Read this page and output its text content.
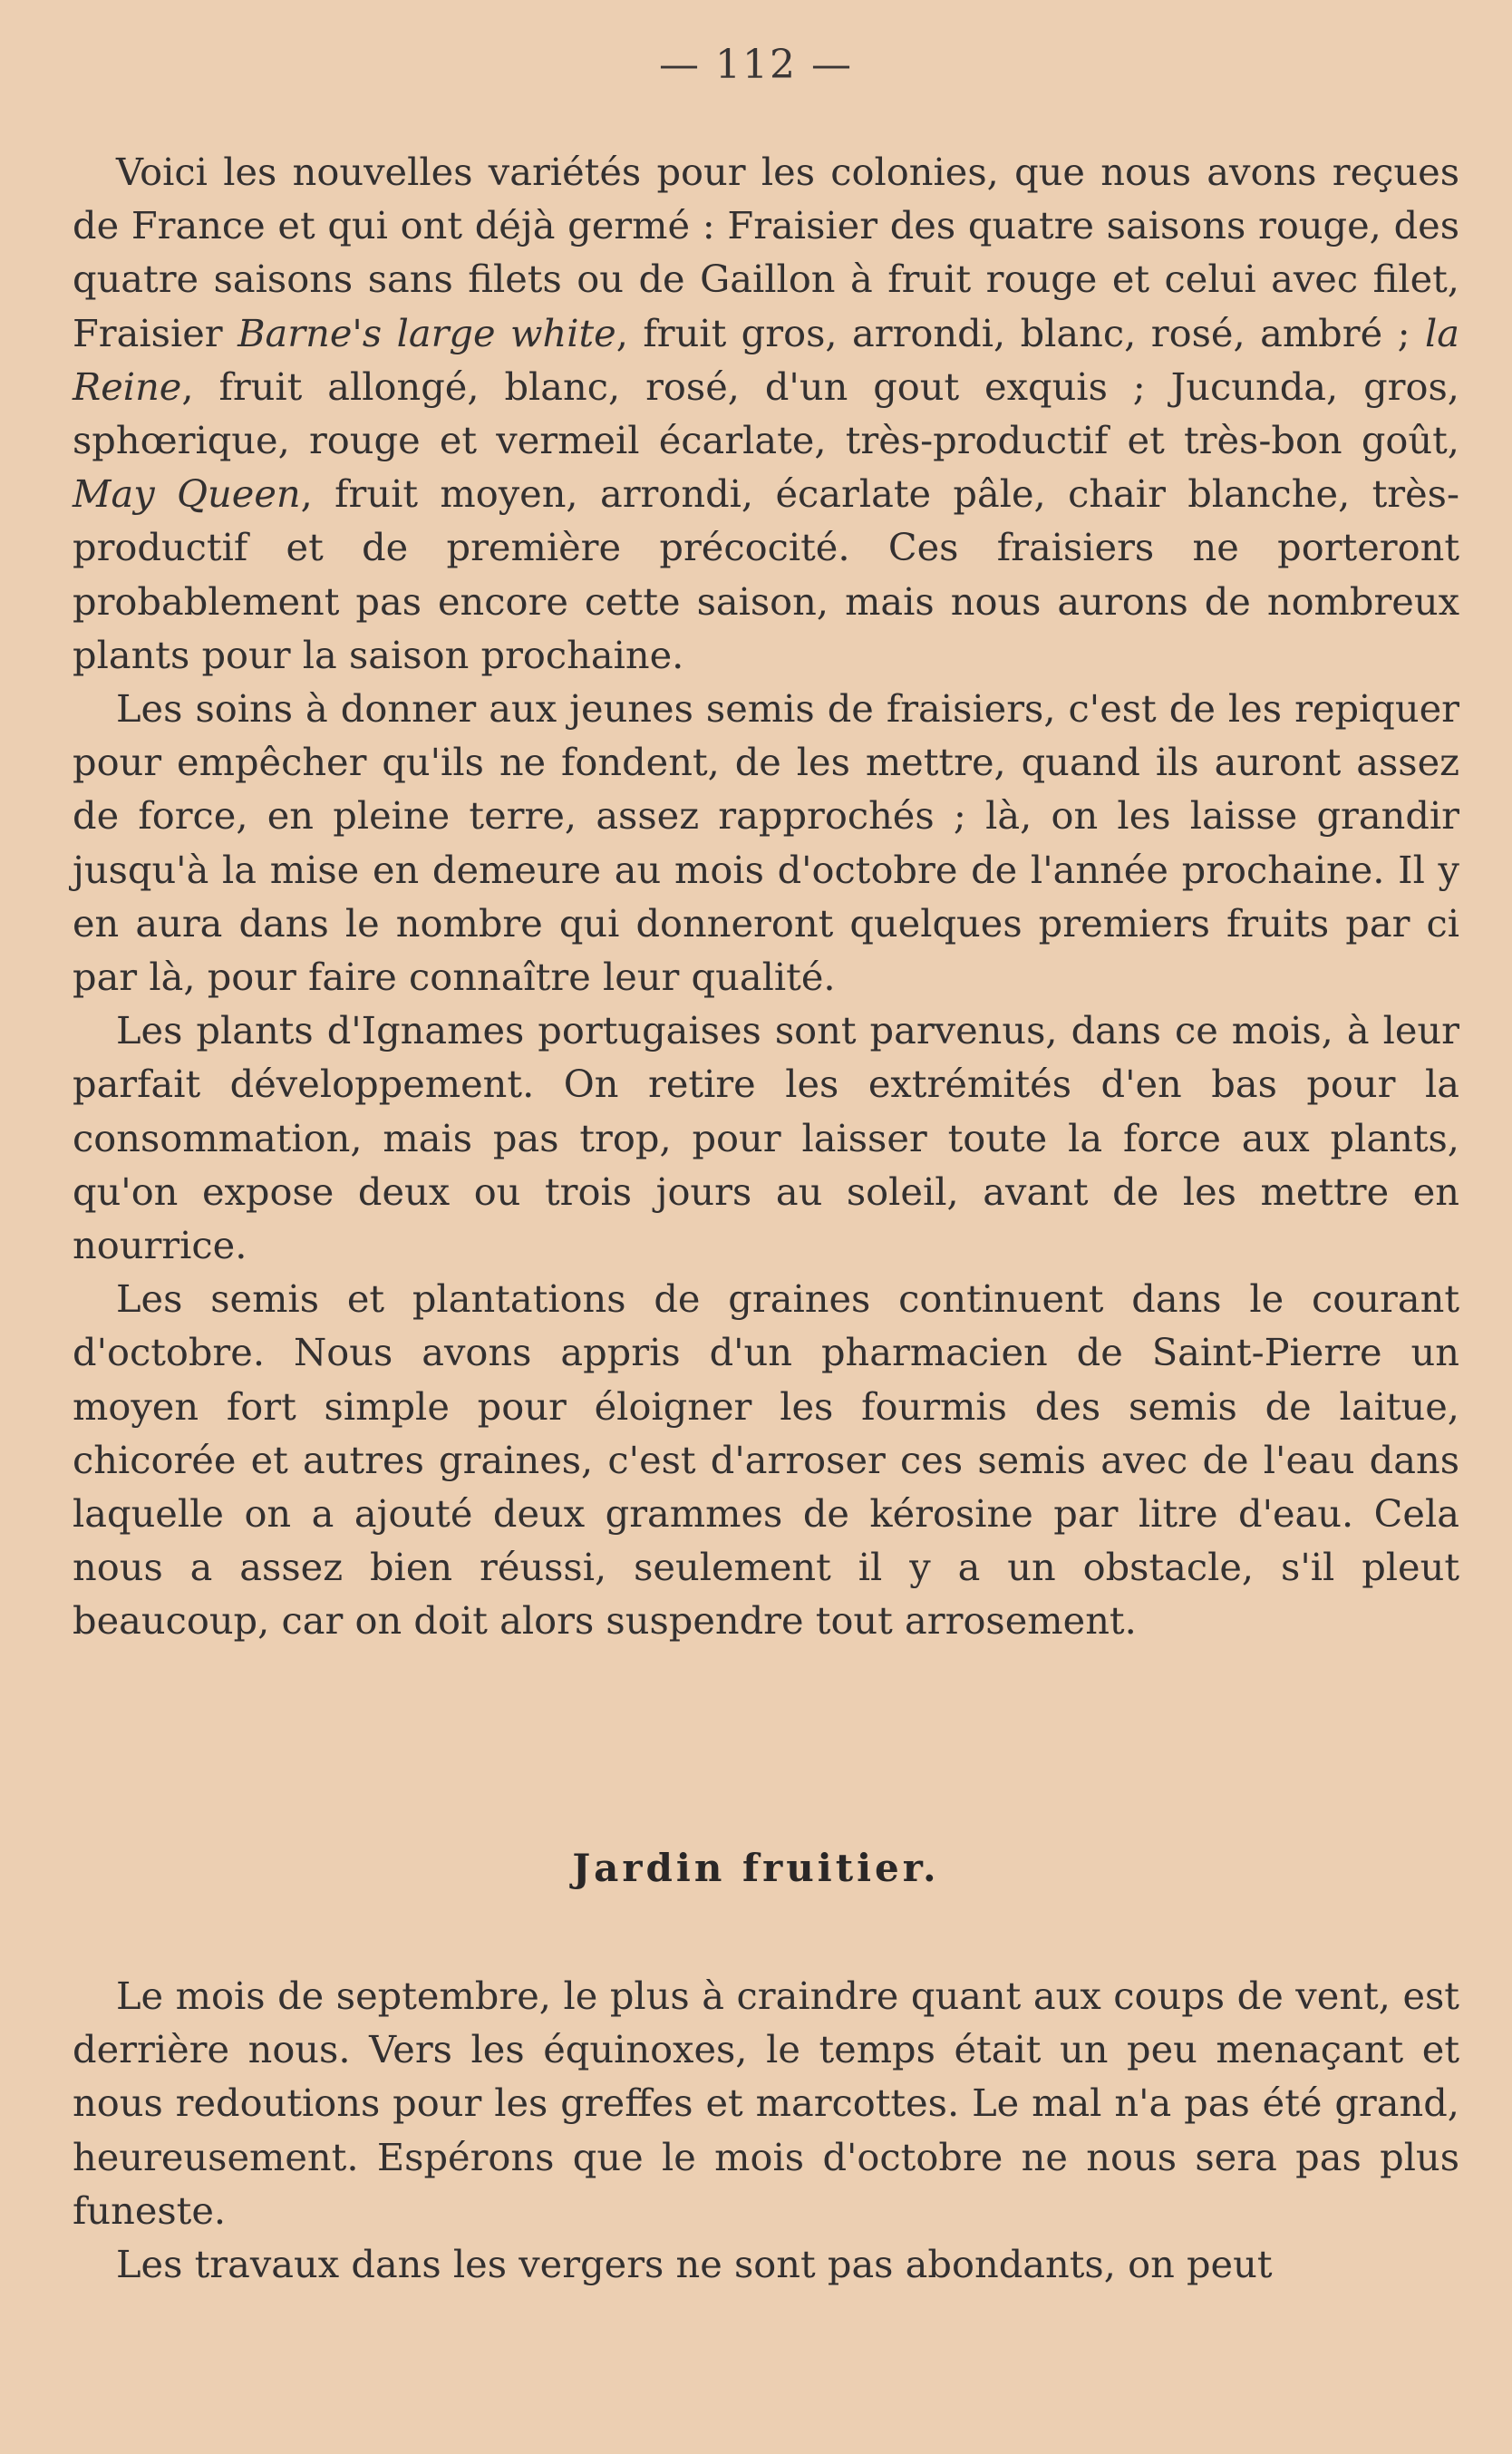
— 112 —

Voici les nouvelles variétés pour les colonies, que nous avons reçues de France et qui ont déjà germé : Fraisier des quatre saisons rouge, des quatre saisons sans filets ou de Gaillon à fruit rouge et celui avec filet, Fraisier Barne's large white, fruit gros, arrondi, blanc, rosé, ambré ; la Reine, fruit allongé, blanc, rosé, d'un gout exquis ; Jucunda, gros, sphœrique, rouge et vermeil écarlate, très-productif et très-bon goût, May Queen, fruit moyen, arrondi, écarlate pâle, chair blanche, très-productif et de première précocité. Ces fraisiers ne porteront probablement pas encore cette saison, mais nous aurons de nombreux plants pour la saison prochaine.

Les soins à donner aux jeunes semis de fraisiers, c'est de les repiquer pour empêcher qu'ils ne fondent, de les mettre, quand ils auront assez de force, en pleine terre, assez rapprochés ; là, on les laisse grandir jusqu'à la mise en demeure au mois d'octobre de l'année prochaine. Il y en aura dans le nombre qui donneront quelques premiers fruits par ci par là, pour faire connaître leur qualité.

Les plants d'Ignames portugaises sont parvenus, dans ce mois, à leur parfait développement. On retire les extrémités d'en bas pour la consommation, mais pas trop, pour laisser toute la force aux plants, qu'on expose deux ou trois jours au soleil, avant de les mettre en nourrice.

Les semis et plantations de graines continuent dans le courant d'octobre. Nous avons appris d'un pharmacien de Saint-Pierre un moyen fort simple pour éloigner les fourmis des semis de laitue, chicorée et autres graines, c'est d'arroser ces semis avec de l'eau dans laquelle on a ajouté deux grammes de kérosine par litre d'eau. Cela nous a assez bien réussi, seulement il y a un obstacle, s'il pleut beaucoup, car on doit alors suspendre tout arrosement.

Jardin fruitier.

Le mois de septembre, le plus à craindre quant aux coups de vent, est derrière nous. Vers les équinoxes, le temps était un peu menaçant et nous redoutions pour les greffes et marcottes. Le mal n'a pas été grand, heureusement. Espérons que le mois d'octobre ne nous sera pas plus funeste.

Les travaux dans les vergers ne sont pas abondants, on peut
